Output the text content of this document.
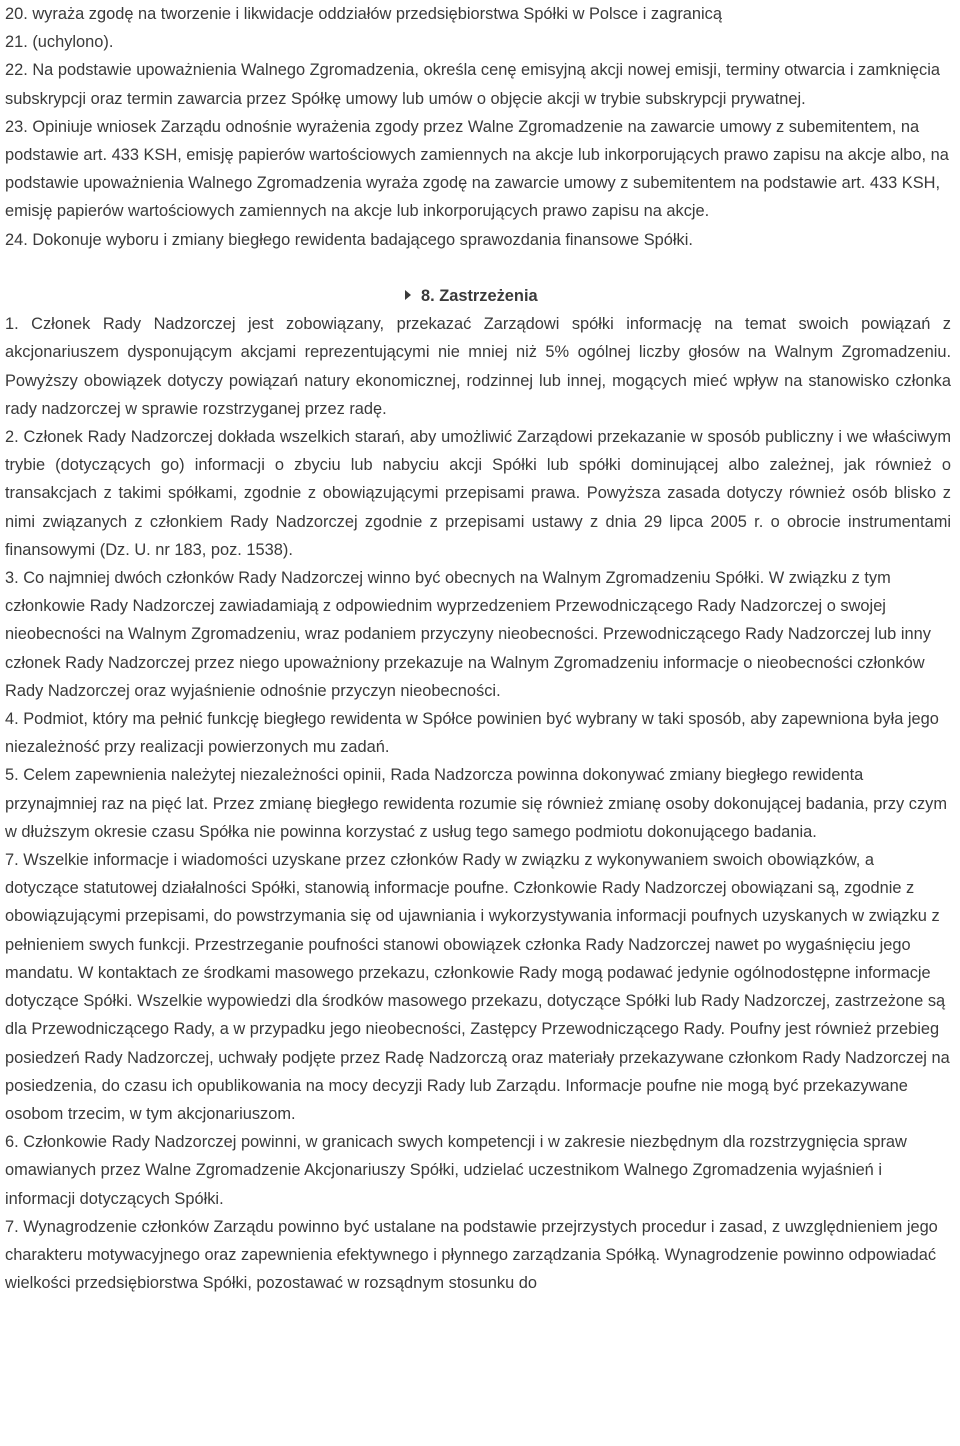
20. wyraża zgodę na tworzenie i likwidacje oddziałów przedsiębiorstwa Spółki w Polsce i zagranicą

21. (uchylono).

22. Na podstawie upoważnienia Walnego Zgromadzenia, określa cenę emisyjną akcji nowej emisji, terminy otwarcia i zamknięcia subskrypcji oraz termin zawarcia przez Spółkę umowy lub umów o objęcie akcji w trybie subskrypcji prywatnej.

23. Opiniuje wniosek Zarządu odnośnie wyrażenia zgody przez Walne Zgromadzenie na zawarcie umowy z subemitentem, na podstawie art. 433 KSH, emisję papierów wartościowych zamiennych na akcje lub inkorporujących prawo zapisu na akcje albo, na podstawie upoważnienia Walnego Zgromadzenia wyraża zgodę na zawarcie umowy z subemitentem na podstawie art. 433 KSH, emisję papierów wartościowych zamiennych na akcje lub inkorporujących prawo zapisu na akcje.

24. Dokonuje wyboru i zmiany biegłego rewidenta badającego sprawozdania finansowe Spółki.

8. Zastrzeżenia

1. Członek Rady Nadzorczej jest zobowiązany, przekazać Zarządowi spółki informację na temat swoich powiązań z akcjonariuszem dysponującym akcjami reprezentującymi nie mniej niż 5% ogólnej liczby głosów na Walnym Zgromadzeniu. Powyższy obowiązek dotyczy powiązań natury ekonomicznej, rodzinnej lub innej, mogących mieć wpływ na stanowisko członka rady nadzorczej w sprawie rozstrzyganej przez radę.

2. Członek Rady Nadzorczej dokłada wszelkich starań, aby umożliwić Zarządowi przekazanie w sposób publiczny i we właściwym trybie (dotyczących go) informacji o zbyciu lub nabyciu akcji Spółki lub spółki dominującej albo zależnej, jak również o transakcjach z takimi spółkami, zgodnie z obowiązującymi przepisami prawa. Powyższa zasada dotyczy również osób blisko z nimi związanych z członkiem Rady Nadzorczej zgodnie z przepisami ustawy z dnia 29 lipca 2005 r. o obrocie instrumentami finansowymi (Dz. U. nr 183, poz. 1538).

3. Co najmniej dwóch członków Rady Nadzorczej winno być obecnych na Walnym Zgromadzeniu Spółki. W związku z tym członkowie Rady Nadzorczej zawiadamiają z odpowiednim wyprzedzeniem Przewodniczącego Rady Nadzorczej o swojej nieobecności na Walnym Zgromadzeniu, wraz podaniem przyczyny nieobecności. Przewodniczącego Rady Nadzorczej lub inny członek Rady Nadzorczej przez niego upoważniony przekazuje na Walnym Zgromadzeniu informacje o nieobecności członków Rady Nadzorczej oraz wyjaśnienie odnośnie przyczyn nieobecności.

4. Podmiot, który ma pełnić funkcję biegłego rewidenta w Spółce powinien być wybrany w taki sposób, aby zapewniona była jego niezależność przy realizacji powierzonych mu zadań.

5. Celem zapewnienia należytej niezależności opinii, Rada Nadzorcza powinna dokonywać zmiany biegłego rewidenta przynajmniej raz na pięć lat. Przez zmianę biegłego rewidenta rozumie się również zmianę osoby dokonującej badania, przy czym w dłuższym okresie czasu Spółka nie powinna korzystać z usług tego samego podmiotu dokonującego badania.

7. Wszelkie informacje i wiadomości uzyskane przez członków Rady w związku z wykonywaniem swoich obowiązków, a dotyczące statutowej działalności Spółki, stanowią informacje poufne. Członkowie Rady Nadzorczej obowiązani są, zgodnie z obowiązującymi przepisami, do powstrzymania się od ujawniania i wykorzystywania informacji poufnych uzyskanych w związku z pełnieniem swych funkcji. Przestrzeganie poufności stanowi obowiązek członka Rady Nadzorczej nawet po wygaśnięciu jego mandatu. W kontaktach ze środkami masowego przekazu, członkowie Rady mogą podawać jedynie ogólnodostępne informacje dotyczące Spółki. Wszelkie wypowiedzi dla środków masowego przekazu, dotyczące Spółki lub Rady Nadzorczej, zastrzeżone są dla Przewodniczącego Rady, a w przypadku jego nieobecności, Zastępcy Przewodniczącego Rady. Poufny jest również przebieg posiedzeń Rady Nadzorczej, uchwały podjęte przez Radę Nadzorczą oraz materiały przekazywane członkom Rady Nadzorczej na posiedzenia, do czasu ich opublikowania na mocy decyzji Rady lub Zarządu. Informacje poufne nie mogą być przekazywane osobom trzecim, w tym akcjonariuszom.

6. Członkowie Rady Nadzorczej powinni, w granicach swych kompetencji i w zakresie niezbędnym dla rozstrzygnięcia spraw omawianych przez Walne Zgromadzenie Akcjonariuszy Spółki, udzielać uczestnikom Walnego Zgromadzenia wyjaśnień i informacji dotyczących Spółki.

7. Wynagrodzenie członków Zarządu powinno być ustalane na podstawie przejrzystych procedur i zasad, z uwzględnieniem jego charakteru motywacyjnego oraz zapewnienia efektywnego i płynnego zarządzania Spółką. Wynagrodzenie powinno odpowiadać wielkości przedsiębiorstwa Spółki, pozostawać w rozsądnym stosunku do
